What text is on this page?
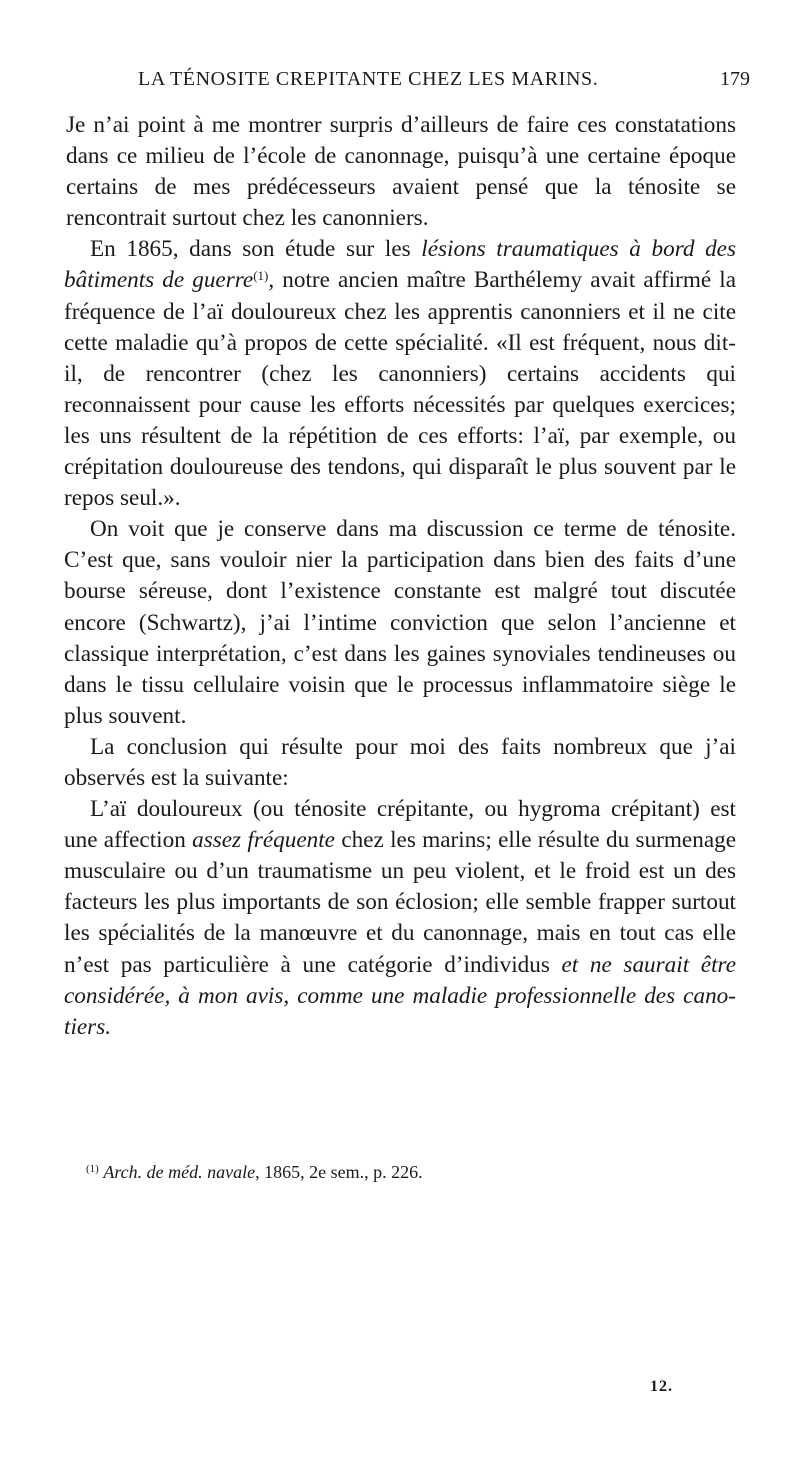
LA TÉNOSITE CREPITANTE CHEZ LES MARINS.	179

Je n’ai point à me montrer surpris d’ailleurs de faire ces constatations dans ce milieu de l’école de canonnage, puisqu’à une certaine époque certains de mes prédécesseurs avaient pensé que la ténosite se rencontrait surtout chez les canonniers.

En 1865, dans son étude sur les lésions traumatiques à bord des bâtiments de guerre$^{(1)}$, notre ancien maître Barthélemy avait affirmé la fréquence de l’aï douloureux chez les apprentis canonniers et il ne cite cette maladie qu’à propos de cette spécialité. «Il est fréquent, nous dit-il, de rencontrer (chez les canonniers) certains accidents qui reconnaissent pour cause les efforts nécessités par quelques exercices; les uns résultent de la répétition de ces efforts: l’aï, par exemple, ou crépitation douloureuse des tendons, qui disparaît le plus souvent par le repos seul.».

On voit que je conserve dans ma discussion ce terme de ténosite. C’est que, sans vouloir nier la participation dans bien des faits d’une bourse séreuse, dont l’existence constante est malgré tout discutée encore (Schwartz), j’ai l’intime conviction que selon l’ancienne et classique interprétation, c’est dans les gaines synoviales tendineuses ou dans le tissu cellulaire voisin que le processus inflammatoire siège le plus souvent.

La conclusion qui résulte pour moi des faits nombreux que j’ai observés est la suivante:

L’aï douloureux (ou ténosite crépitante, ou hygroma crépitant) est une affection assez fréquente chez les marins; elle résulte du surmenage musculaire ou d’un traumatisme un peu violent, et le froid est un des facteurs les plus importants de son éclosion; elle semble frapper surtout les spécialités de la manœuvre et du canonnage, mais en tout cas elle n’est pas particulière à une catégorie d’individus et ne saurait être considérée, à mon avis, comme une maladie professionnelle des canotiers.

$^{(1)}$ Arch. de méd. navale, 1865, 2e sem., p. 226.
12.
